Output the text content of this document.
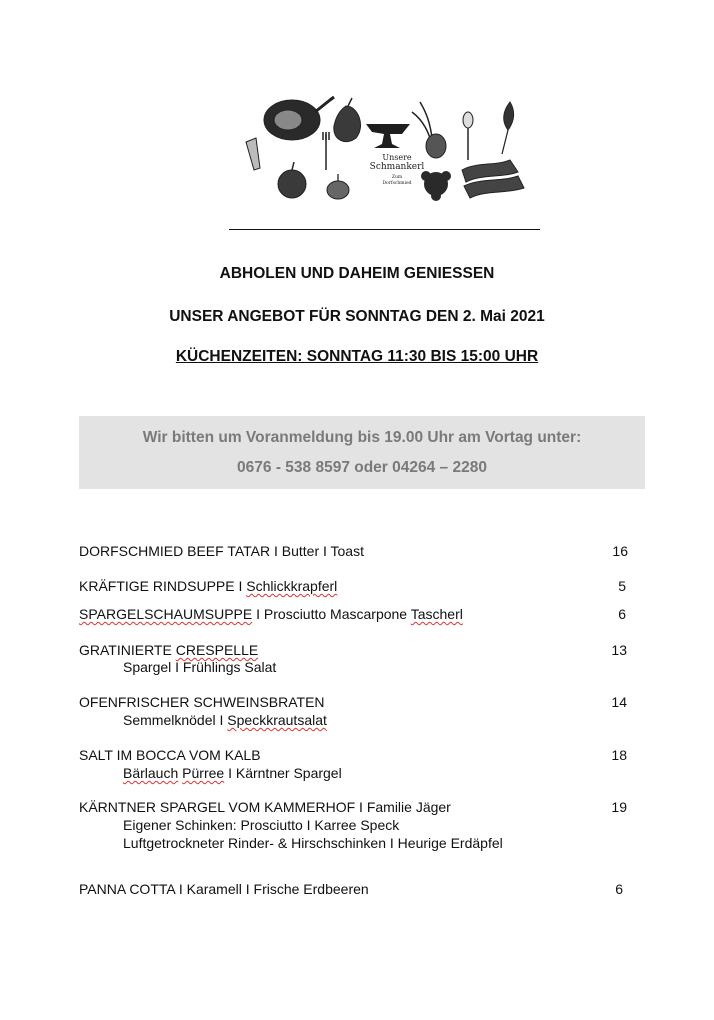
Unsere
Schmankerl
Zum
Dorfschmied
ABHOLEN UND DAHEIM GENIESSEN
UNSER ANGEBOT FÜR SONNTAG DEN 2. Mai 2021
KÜCHENZEITEN: SONNTAG 11:30 BIS 15:00 UHR
Wir bitten um Voranmeldung bis 19.00 Uhr am Vortag unter:
0676 - 538 8597 oder 04264 – 2280
DORFSCHMIED BEEF TATAR I Butter I Toast	16
KRÄFTIGE RINDSUPPE I Schlickkrapferl	5
SPARGELSCHAUMSUPPE I Prosciutto Mascarpone Tascherl	6
GRATINIERTE CRESPELLE	13
Spargel I Frühlings Salat
OFENFRISCHER SCHWEINSBRATEN	14
Semmelknödel I Speckkrautsalat
SALT IM BOCCA VOM KALB	18
Bärlauch Pürree I Kärntner Spargel
KÄRNTNER SPARGEL VOM KAMMERHOF I Familie Jäger	19
Eigener Schinken: Prosciutto I Karree Speck
Luftgetrockneter Rinder- & Hirschschinken I Heurige Erdäpfel
PANNA COTTA I Karamell I Frische Erdbeeren	6
